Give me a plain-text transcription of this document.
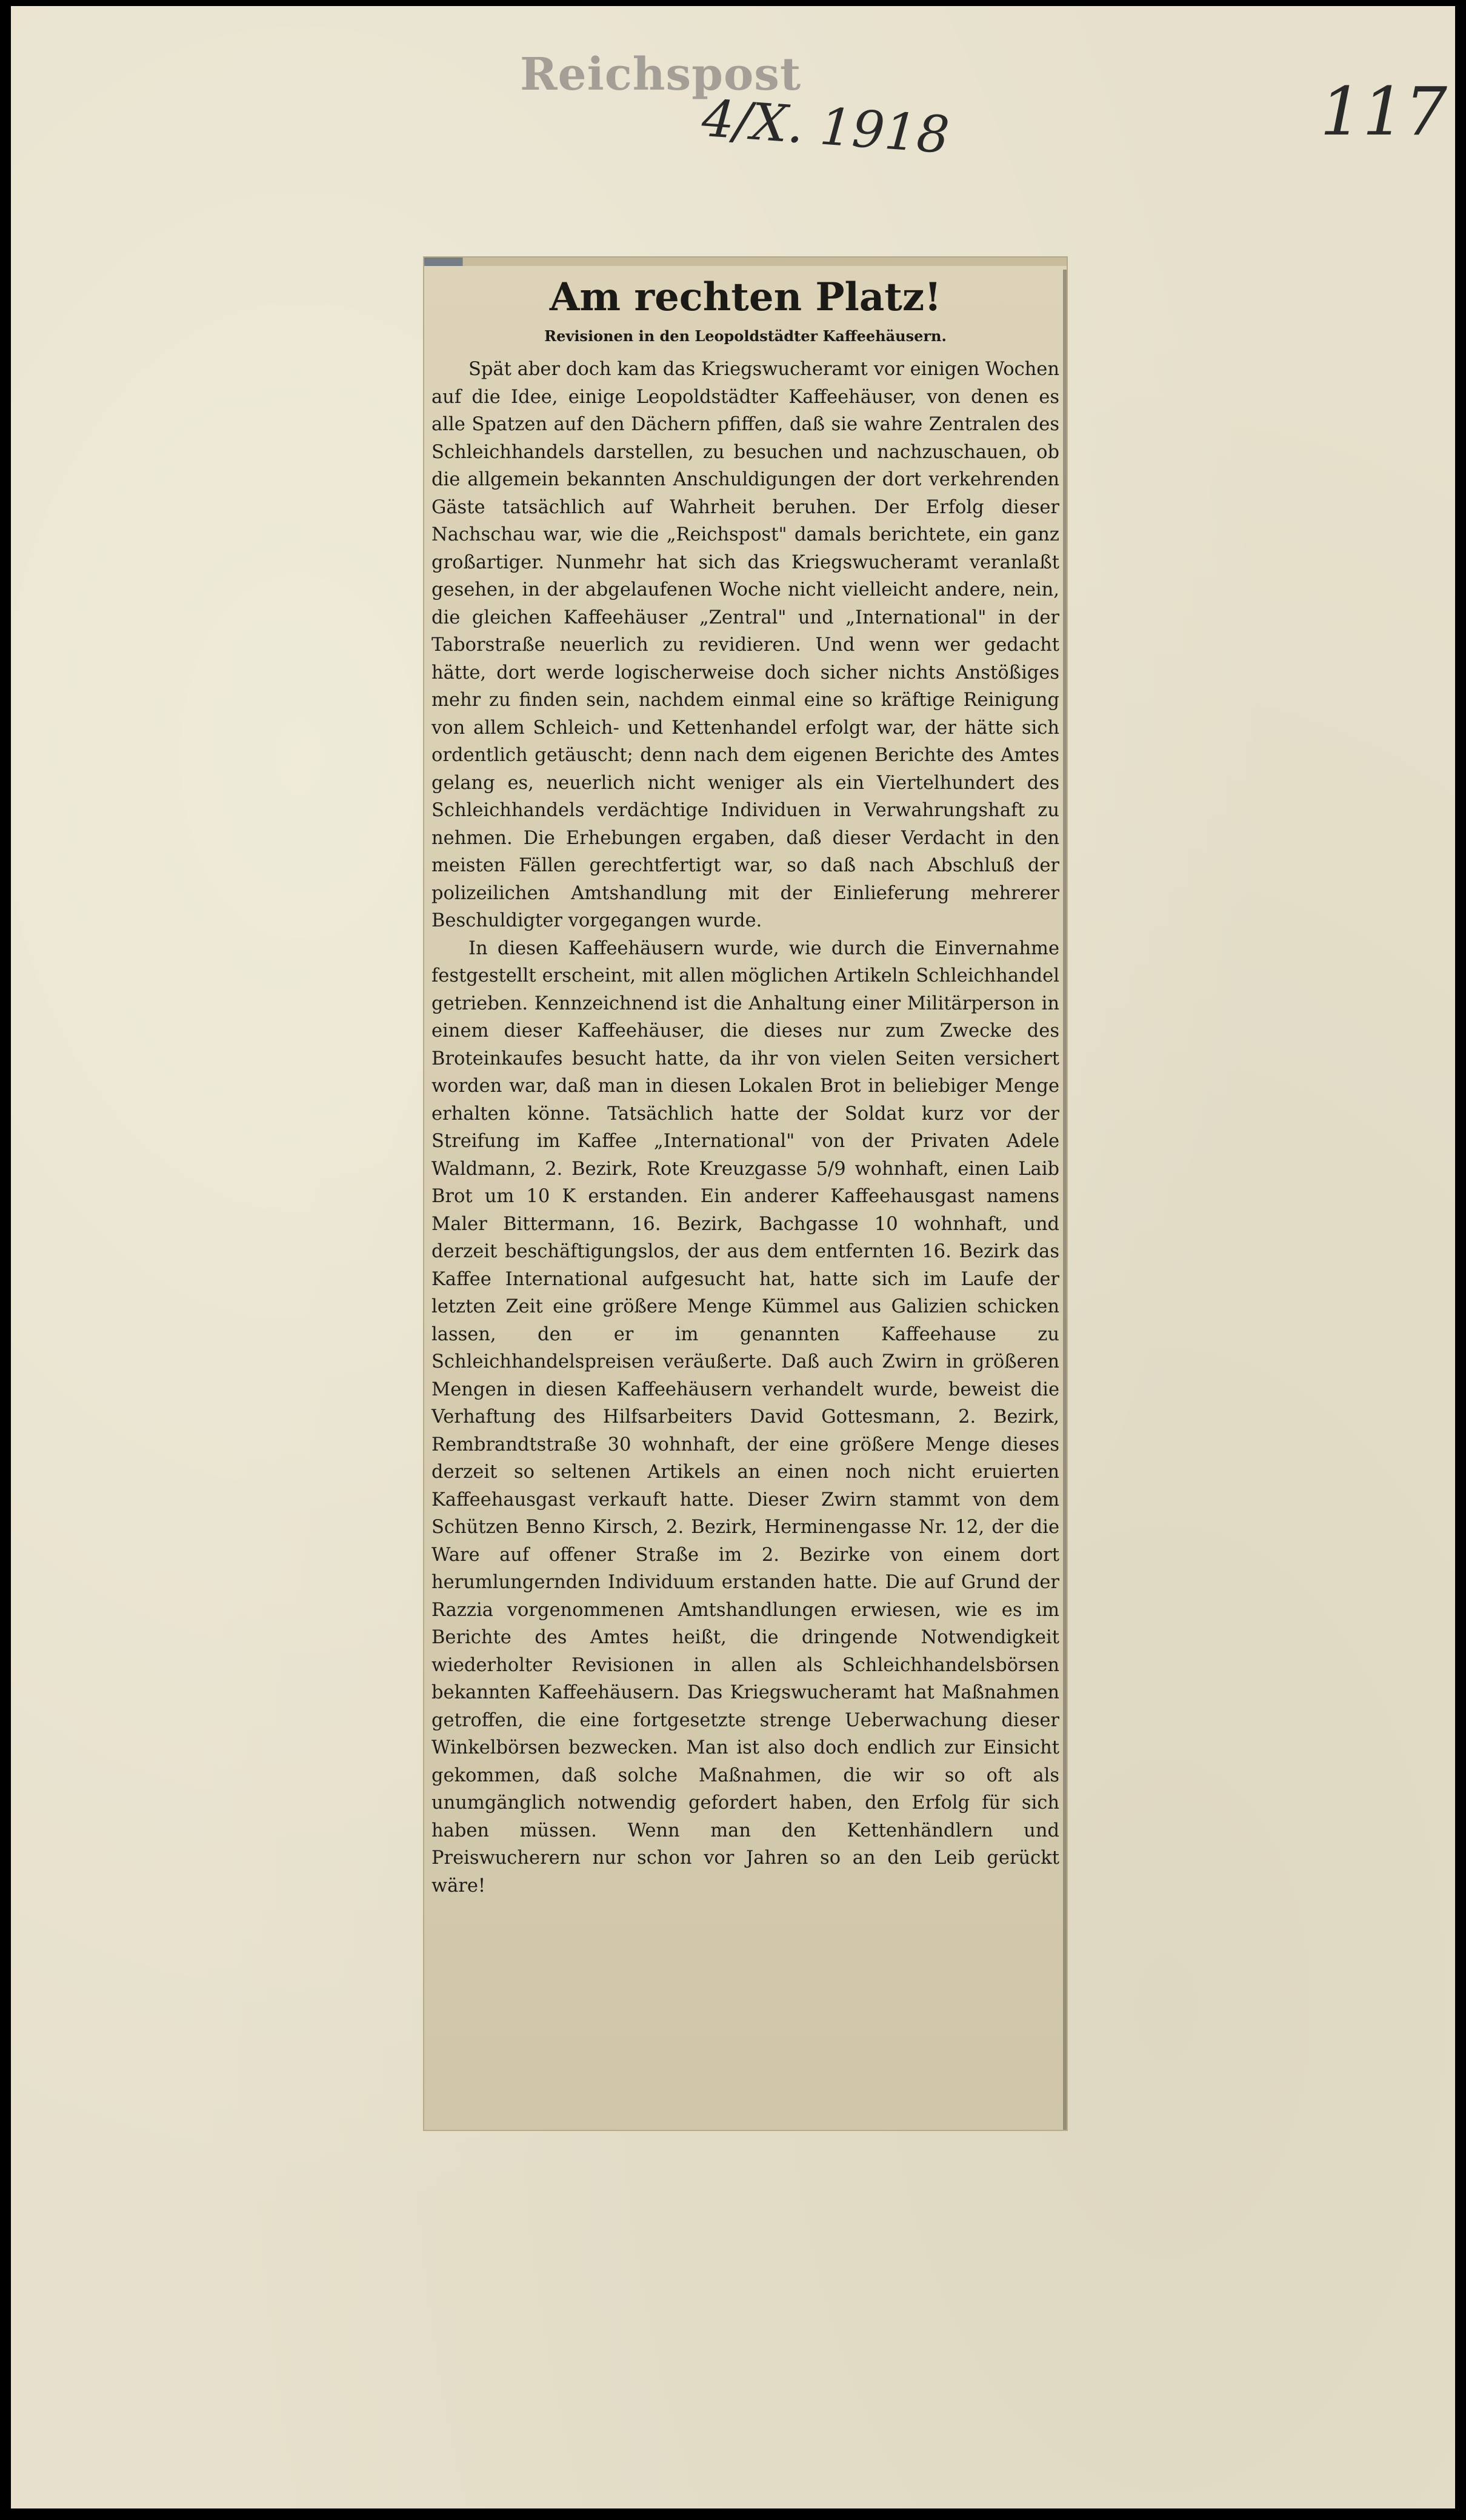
Reichspost
4/X. 1918	117
Am rechten Platz!
Revisionen in den Leopoldstädter Kaffeehäusern.

Spät aber doch kam das Kriegswucheramt vor einigen Wochen auf die Idee, einige Leopoldstädter Kaffeehäuser, von denen es alle Spatzen auf den Dächern pfiffen, daß sie wahre Zentralen des Schleichhandels darstellen, zu besuchen und nachzuschauen, ob die allgemein bekannten Anschuldigungen der dort verkehrenden Gäste tatsächlich auf Wahrheit beruhen. Der Erfolg dieser Nachschau war, wie die „Reichspost" damals berichtete, ein ganz großartiger. Nunmehr hat sich das Kriegswucheramt veranlaßt gesehen, in der abgelaufenen Woche nicht vielleicht andere, nein, die gleichen Kaffeehäuser „Zentral" und „International" in der Taborstraße neuerlich zu revidieren. Und wenn wer gedacht hätte, dort werde logischerweise doch sicher nichts Anstößiges mehr zu finden sein, nachdem einmal eine so kräftige Reinigung von allem Schleich- und Kettenhandel erfolgt war, der hätte sich ordentlich getäuscht; denn nach dem eigenen Berichte des Amtes gelang es, neuerlich nicht weniger als ein Viertelhundert des Schleichhandels verdächtige Individuen in Verwahrungshaft zu nehmen. Die Erhebungen ergaben, daß dieser Verdacht in den meisten Fällen gerechtfertigt war, so daß nach Abschluß der polizeilichen Amtshandlung mit der Einlieferung mehrerer Beschuldigter vorgegangen wurde.

In diesen Kaffeehäusern wurde, wie durch die Einvernahme festgestellt erscheint, mit allen möglichen Artikeln Schleichhandel getrieben. Kennzeichnend ist die Anhaltung einer Militärperson in einem dieser Kaffeehäuser, die dieses nur zum Zwecke des Broteinkaufes besucht hatte, da ihr von vielen Seiten versichert worden war, daß man in diesen Lokalen Brot in beliebiger Menge erhalten könne. Tatsächlich hatte der Soldat kurz vor der Streifung im Kaffee „International" von der Privaten Adele Waldmann, 2. Bezirk, Rote Kreuzgasse 5/9 wohnhaft, einen Laib Brot um 10 K erstanden. Ein anderer Kaffeehausgast namens Maler Bittermann, 16. Bezirk, Bachgasse 10 wohnhaft, und derzeit beschäftigungslos, der aus dem entfernten 16. Bezirk das Kaffee International aufgesucht hat, hatte sich im Laufe der letzten Zeit eine größere Menge Kümmel aus Galizien schicken lassen, den er im genannten Kaffeehause zu Schleichhandelspreisen veräußerte. Daß auch Zwirn in größeren Mengen in diesen Kaffeehäusern verhandelt wurde, beweist die Verhaftung des Hilfsarbeiters David Gottesmann, 2. Bezirk, Rembrandtstraße 30 wohnhaft, der eine größere Menge dieses derzeit so seltenen Artikels an einen noch nicht eruierten Kaffeehausgast verkauft hatte. Dieser Zwirn stammt von dem Schützen Benno Kirsch, 2. Bezirk, Herminengasse Nr. 12, der die Ware auf offener Straße im 2. Bezirke von einem dort herumlungernden Individuum erstanden hatte. Die auf Grund der Razzia vorgenommenen Amtshandlungen erwiesen, wie es im Berichte des Amtes heißt, die dringende Notwendigkeit wiederholter Revisionen in allen als Schleichhandelsbörsen bekannten Kaffeehäusern. Das Kriegswucheramt hat Maßnahmen getroffen, die eine fortgesetzte strenge Ueberwachung dieser Winkelbörsen bezwecken. Man ist also doch endlich zur Einsicht gekommen, daß solche Maßnahmen, die wir so oft als unumgänglich notwendig gefordert haben, den Erfolg für sich haben müssen. Wenn man den Kettenhändlern und Preiswucherern nur schon vor Jahren so an den Leib gerückt wäre!
